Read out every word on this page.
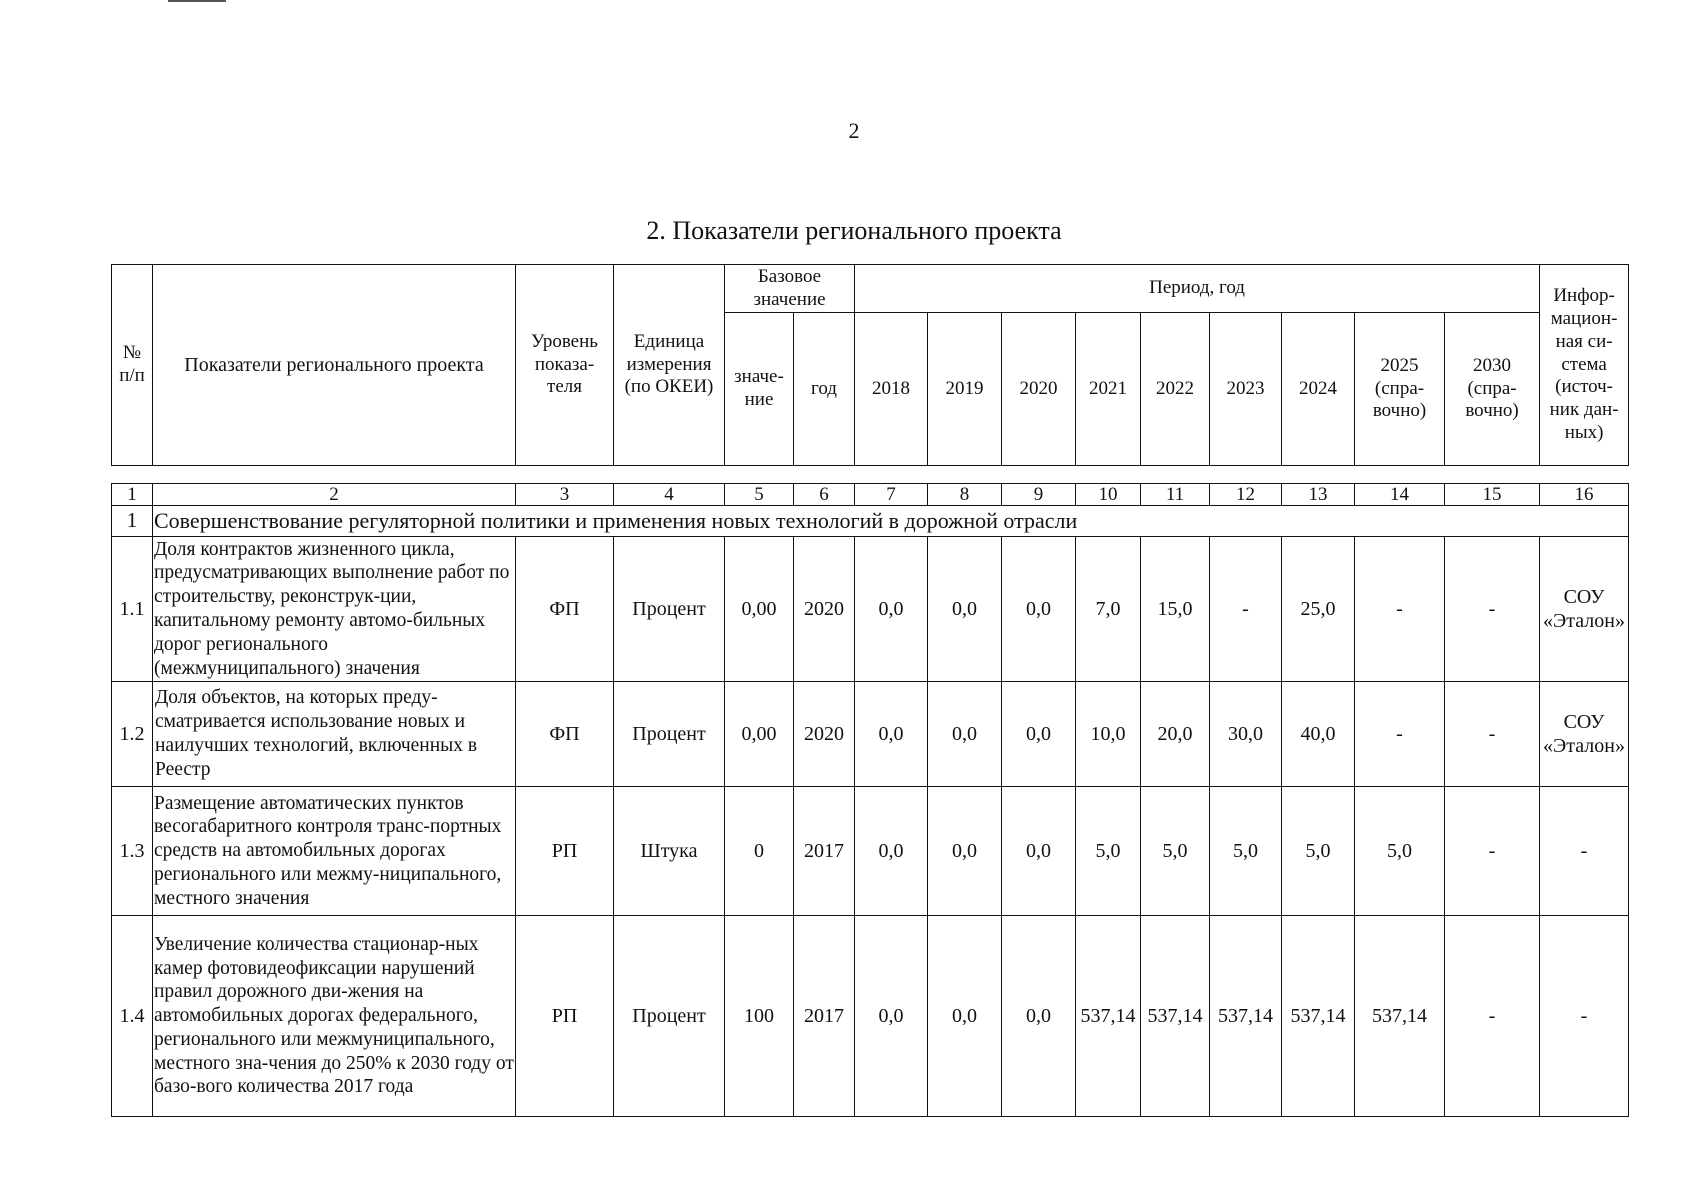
2
2. Показатели регионального проекта
№ п/п	Показатели регионального проекта	Уровень показа-теля	Единица измерения (по ОКЕИ)	Базовое значение		Период, год									Инфор-мацион-ная си-стема (источ-ник дан-ных)
				значе-ние	год	2018	2019	2020	2021	2022	2023	2024	2025 (спра-вочно)	2030 (спра-вочно)	
1	2	3	4	5	6	7	8	9	10	11	12	13	14	15	16
1	Совершенствование регуляторной политики и применения новых технологий в дорожной отрасли														
1.1	Доля контрактов жизненного цикла, предусматривающих выполнение работ по строительству, реконструк-ции, капитальному ремонту автомо-бильных дорог регионального (межмуниципального) значения	ФП	Процент	0,00	2020	0,0	0,0	0,0	7,0	15,0	-	25,0	-	-	СОУ «Эталон»
1.2	Доля объектов, на которых преду-сматривается использование новых и наилучших технологий, включенных в Реестр	ФП	Процент	0,00	2020	0,0	0,0	0,0	10,0	20,0	30,0	40,0	-	-	СОУ «Эталон»
1.3	Размещение автоматических пунктов весогабаритного контроля транс-портных средств на автомобильных дорогах регионального или межму-ниципального, местного значения	РП	Штука	0	2017	0,0	0,0	0,0	5,0	5,0	5,0	5,0	5,0	-	-
1.4	Увеличение количества стационар-ных камер фотовидеофиксации нарушений правил дорожного дви-жения на автомобильных дорогах федерального, регионального или межмуниципального, местного зна-чения до 250% к 2030 году от базо-вого количества 2017 года	РП	Процент	100	2017	0,0	0,0	0,0	537,14	537,14	537,14	537,14	537,14	-	-
